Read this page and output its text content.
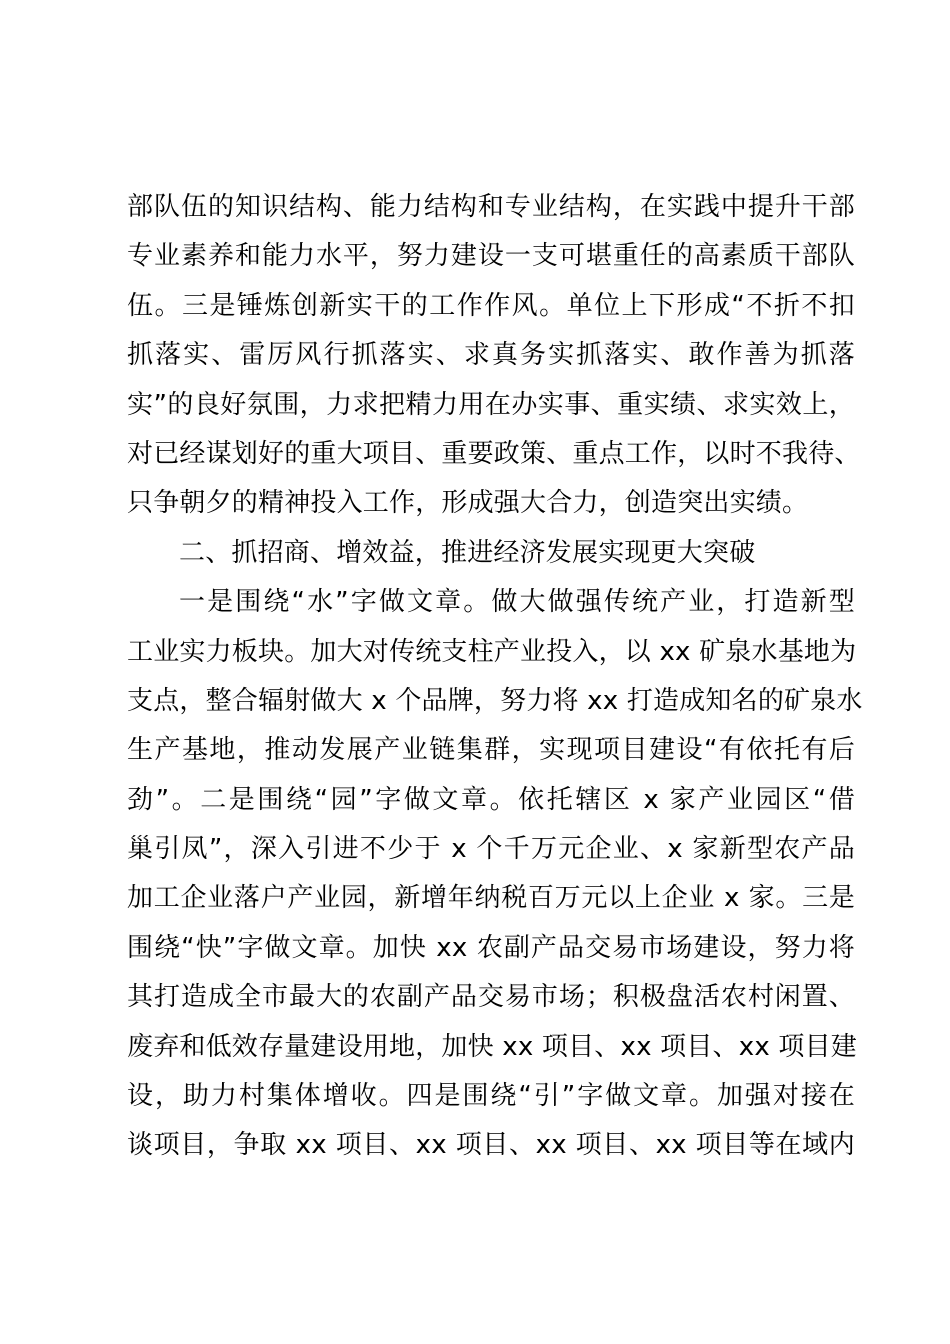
部队伍的知识结构、能力结构和专业结构，在实践中提升干部
专业素养和能力水平，努力建设一支可堪重任的高素质干部队
伍。三是锤炼创新实干的工作作风。单位上下形成“不折不扣
抓落实、雷厉风行抓落实、求真务实抓落实、敢作善为抓落
实”的良好氛围，力求把精力用在办实事、重实绩、求实效上，
对已经谋划好的重大项目、重要政策、重点工作，以时不我待、
只争朝夕的精神投入工作，形成强大合力，创造突出实绩。
二、抓招商、增效益，推进经济发展实现更大突破
一是围绕“水”字做文章。做大做强传统产业，打造新型
工业实力板块。加大对传统支柱产业投入，以 xx 矿泉水基地为
支点，整合辐射做大 x 个品牌，努力将 xx 打造成知名的矿泉水
生产基地，推动发展产业链集群，实现项目建设“有依托有后
劲”。二是围绕“园”字做文章。依托辖区 x 家产业园区“借
巢引凤”，深入引进不少于 x 个千万元企业、x 家新型农产品
加工企业落户产业园，新增年纳税百万元以上企业 x 家。三是
围绕“快”字做文章。加快 xx 农副产品交易市场建设，努力将
其打造成全市最大的农副产品交易市场；积极盘活农村闲置、
废弃和低效存量建设用地，加快 xx 项目、xx 项目、xx 项目建
设，助力村集体增收。四是围绕“引”字做文章。加强对接在
谈项目，争取 xx 项目、xx 项目、xx 项目、xx 项目等在域内
